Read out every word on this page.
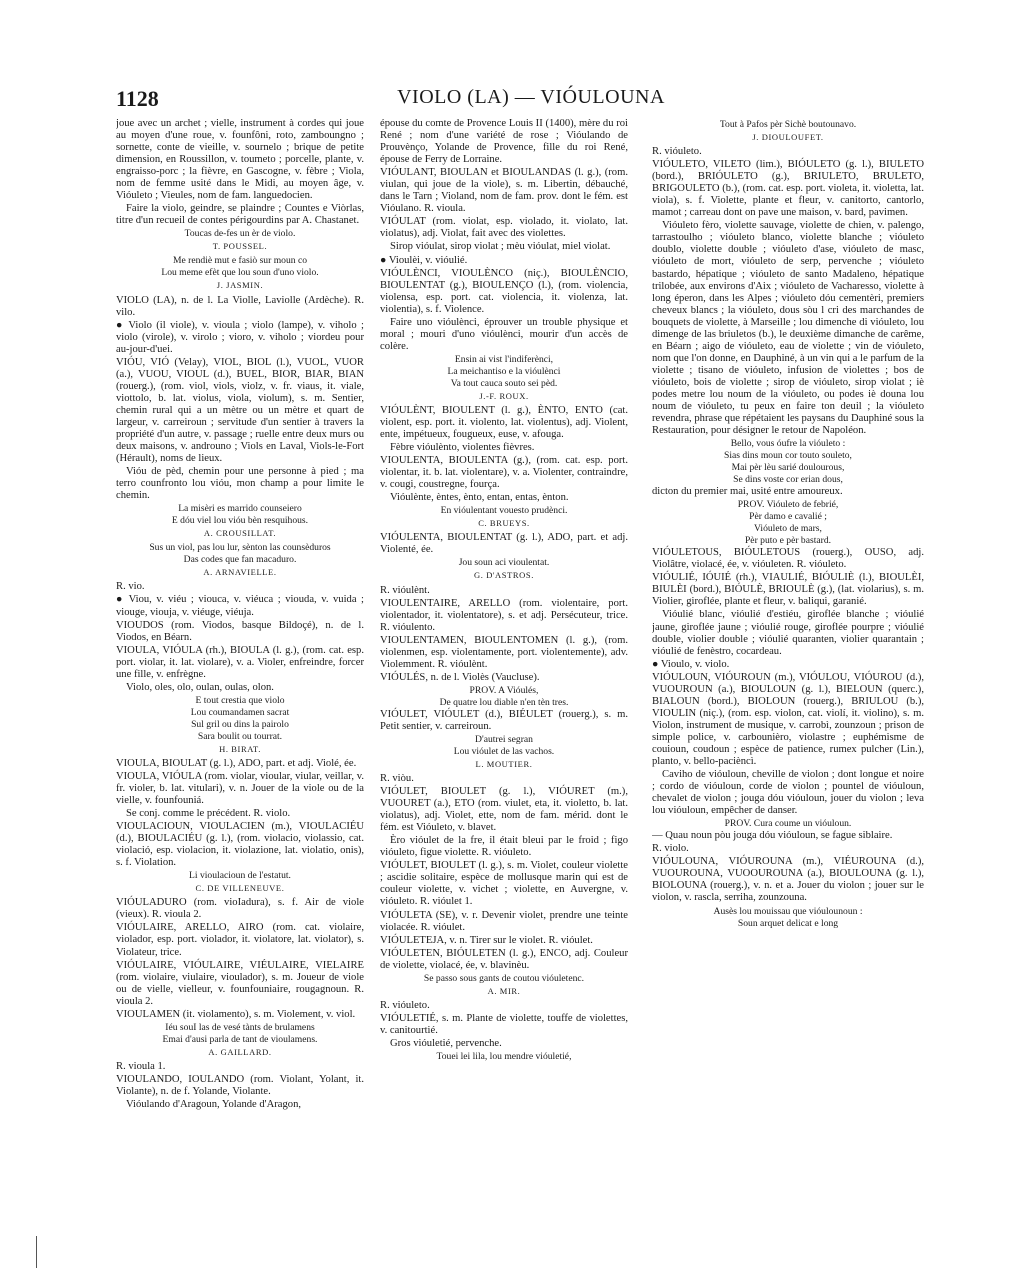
1128	VIOLO (LA) — VIÓULOUNA

joue avec un archet ; vielle, instrument à cordes qui joue au moyen d'une roue, v. founfôni, roto, zamboungno ; sornette, conte de vieille, v. sournelo ; brique de petite dimension, en Roussillon, v. toumeto ; porcelle, plante, v. engraisso-porc ; la fièvre, en Gascogne, v. fèbre ; Viola, nom de femme usité dans le Midi, au moyen âge, v. Vióuleto ; Vieules, nom de fam. languedocien.

Faire la violo, geindre, se plaindre ; Countes e Viòrlas, titre d'un recueil de contes périgourdins par A. Chastanet.

Toucas de-fes un èr de violo.
T. POUSSEL.
Me rendiè mut e fasiò sur moun co
Lou meme efèt que lou soun d'uno violo.
J. JASMIN.

VIOLO (LA), n. de l. La Violle, Laviolle (Ardèche). R. vilo.

● Violo (il viole), v. vioula ; violo (lampe), v. viholo ; violo (virole), v. virolo ; vioro, v. viholo ; viordeu pour au-jour-d'uei.

VIÓU, VIÓ (Velay), VIOL, BIOL (l.), VUOL, VUOR (a.), VUOU, VIOUL (d.), BUEL, BIOR, BIAR, BIAN (rouerg.), (rom. viol, viols, violz, v. fr. viaus, it. viale, viottolo, b. lat. violus, viola, violum), s. m. Sentier, chemin rural qui a un mètre ou un mètre et quart de largeur, v. carreiroun ; servitude d'un sentier à travers la propriété d'un autre, v. passage ; ruelle entre deux murs ou deux maisons, v. androuno ; Viols en Laval, Viols-le-Fort (Hérault), noms de lieux.

Vióu de pèd, chemin pour une personne à pied ; ma terro counfronto lou vióu, mon champ a pour limite le chemin.

La misèri es marrido counseiero
E dóu viel lou vióu bèn resquihous.
A. CROUSILLAT.
Sus un viol, pas lou lur, sènton las counsèduros
Das codes que fan macaduro.
A. ARNAVIELLE.

R. vio.

● Viou, v. viéu ; viouca, v. viéuca ; viouda, v. vuida ; viouge, viouja, v. viéuge, viéuja.

VIOUDOS (rom. Viodos, basque Bildoçé), n. de l. Viodos, en Béarn.

VIOULA, VIÓULA (rh.), BIOULA (l. g.), (rom. cat. esp. port. violar, it. lat. violare), v. a. Violer, enfreindre, forcer une fille, v. enfrègne.

Violo, oles, olo, oulan, oulas, olon.

E tout crestia que violo
Lou coumandamen sacrat
Sul gril ou dins la pairolo
Sara boulit ou tourrat.
H. BIRAT.

VIOULA, BIOULAT (g. l.), ADO, part. et adj. Violé, ée.

VIOULA, VIÓULA (rom. violar, vioular, viular, veillar, v. fr. violer, b. lat. vitulari), v. n. Jouer de la viole ou de la vielle, v. founfouniá.

Se conj. comme le précédent. R. violo.

VIOULACIOUN, VIOULACIEN (m.), VIOULACIÉU (d.), BIOULACIÉU (g. l.), (rom. violacio, violassio, cat. violació, esp. violacion, it. violazione, lat. violatio, onis), s. f. Violation.

Li vioulacioun de l'estatut.
C. DE VILLENEUVE.

VIÓULADURO (rom. vioIadura), s. f. Air de viole (vieux). R. vioula 2.

VIÓULAIRE, ARELLO, AIRO (rom. cat. violaire, violador, esp. port. violador, it. violatore, lat. violator), s. Violateur, trice.

VIÓULAIRE, VIÓULAIRE, VIÉULAIRE, VIELAIRE (rom. violaire, viulaire, vioulador), s. m. Joueur de viole ou de vielle, vielleur, v. founfouniaire, rougagnoun. R. vioula 2.

VIOULAMEN (it. violamento), s. m. Violement, v. viol.

Iéu souI las de vesé tànts de brulamens
Emai d'ausi parla de tant de vioulamens.
A. GAILLARD.

R. vioula 1.

VIOULANDO, IOULANDO (rom. Violant, Yolant, it. Violante), n. de f. Yolande, Violante.

Vióulando d'Aragoun, Yolande d'Aragon,

épouse du comte de Provence Louis II (1400), mère du roi René ; nom d'une variété de rose ; Vióulando de Prouvènço, Yolande de Provence, fille du roi René, épouse de Ferry de Lorraine.

VIÓULANT, BIOULAN et BIOULANDAS (l. g.), (rom. viulan, qui joue de la viole), s. m. Libertin, débauché, dans le Tarn ; Violand, nom de fam. prov. dont le fém. est Vióulano. R. vioula.

VIÓULAT (rom. violat, esp. violado, it. violato, lat. violatus), adj. Violat, fait avec des violettes.

Sirop vióulat, sirop violat ; mèu vióulat, miel violat.

● Vioulèi, v. vióulié.

VIÓULÈNCI, VIOULÈNCO (niç.), BIOULÈNCIO, BIOULENTAT (g.), BIOULENÇO (l.), (rom. violencia, violensa, esp. port. cat. violencia, it. violenza, lat. violentia), s. f. Violence.

Faire uno vióulènci, éprouver un trouble physique et moral ; mouri d'uno vióulènci, mourir d'un accès de colère.

Ensin ai vist l'indiferènci,
La meichantiso e la vióulènci
Va tout cauca souto sei pèd.
J.-F. ROUX.

VIÓULÈNT, BIOULENT (l. g.), ÈNTO, ENTO (cat. violent, esp. port. it. violento, lat. violentus), adj. Violent, ente, impétueux, fougueux, euse, v. afouga.

Fèbre vióulènto, violentes fièvres.

VIOULENTA, BIOULENTA (g.), (rom. cat. esp. port. violentar, it. b. lat. violentare), v. a. Violenter, contraindre, v. cougi, coustregne, fourça.

Vióulènte, èntes, ènto, entan, entas, ènton.

En vióulentant vouesto prudènci.
C. BRUEYS.

VIÓULENTA, BIOULENTAT (g. l.), ADO, part. et adj. Violenté, ée.

Jou soun aci vioulentat.
G. D'ASTROS.

R. vióulènt.

VIOULENTAIRE, ARELLO (rom. violentaire, port. violentador, it. violentatore), s. et adj. Persécuteur, trice. R. vióulento.

VIOULENTAMEN, BIOULENTOMEN (l. g.), (rom. violenmen, esp. violentamente, port. violentemente), adv. Violemment. R. vióulènt.

VIÓULÉS, n. de l. Violès (Vaucluse).

PROV. A Vióulés,
De quatre lou diable n'en tèn tres.

VIÓULET, VIÓULET (d.), BIÉULET (rouerg.), s. m. Petit sentier, v. carreiroun.

D'autrei segran
Lou vióulet de las vachos.
L. MOUTIER.

R. viòu.

VIÓULET, BIOULET (g. l.), VIÓURET (m.), VUOURET (a.), ETO (rom. viulet, eta, it. violetto, b. lat. violatus), adj. Violet, ette, nom de fam. mérid. dont le fém. est Vióuleto, v. blavet.

Èro vióulet de la fre, il était bleui par le froid ; figo vióuleto, figue violette. R. vióuleto.

VIÓULET, BIOULET (l. g.), s. m. Violet, couleur violette ; ascidie solitaire, espèce de mollusque marin qui est de couleur violette, v. vichet ; violette, en Auvergne, v. vióuleto. R. vióulet 1.

VIÓULETA (SE), v. r. Devenir violet, prendre une teinte violacée. R. vióulet.

VIÓULETEJA, v. n. Tirer sur le violet. R. vióulet.

VIÓULETEN, BIÓULETEN (l. g.), ENCO, adj. Couleur de violette, violacé, ée, v. blavinèu.

Se passo sous gants de coutou vióuletenc.
A. MIR.

R. vióuleto.

VIÓULETIÉ, s. m. Plante de violette, touffe de violettes, v. canitourtié.

Gros vióuletié, pervenche.

Touei lei lila, lou mendre vióuletié,
Tout à Pafos pèr Sichè boutounavo.
J. DIOULOUFET.

R. vióuleto.

VIÓULETO, VILETO (lim.), BIÓULETO (g. l.), BIULETO (bord.), BRIÓULETO (g.), BRIULETO, BRULETO, BRIGOULETO (b.), (rom. cat. esp. port. violeta, it. violetta, lat. viola), s. f. Violette, plante et fleur, v. canitorto, cantorlo, mamot ; carreau dont on pave une maison, v. bard, pavimen.

Vióuleto fèro, violette sauvage, violette de chien, v. palengo, tarrastoulho ; vióuleto blanco, violette blanche ; vióuleto doublo, violette double ; vióuleto d'ase, vióuleto de masc, vióuleto de mort, vióuleto de serp, pervenche ; vióuleto bastardo, hépatique ; vióuleto de santo Madaleno, hépatique trilobée, aux environs d'Aix ; vióuleto de Vacharesso, violette à long éperon, dans les Alpes ; vióuleto dóu cementèri, premiers cheveux blancs ; la vióuleto, dous sòu l cri des marchandes de bouquets de violette, à Marseille ; lou dimenche di vióuleto, lou dimenge de las briuletos (b.), le deuxième dimanche de carême, en Béarn ; aigo de vióuleto, eau de violette ; vin de vióuleto, nom que l'on donne, en Dauphiné, à un vin qui a le parfum de la violette ; tisano de vióuleto, infusion de violettes ; bos de vióuleto, bois de violette ; sirop de vióuleto, sirop violat ; iè podes metre lou noum de la vióuleto, ou podes iè douna lou noum de vióuleto, tu peux en faire ton deuil ; la vióuleto revendra, phrase que répétaient les paysans du Dauphiné sous la Restauration, pour désigner le retour de Napoléon.

Bello, vous óufre la vióuleto :
Sias dins moun cor touto souleto,
Mai pèr lèu sarié doulourous,
Se dins voste cor erian dous,

dicton du premier mai, usité entre amoureux.

PROV. Vióuleto de febrié,
Pèr damo e cavalié ;
Vióuleto de mars,
Pèr puto e pèr bastard.

VIÓULETOUS, BIÓULETOUS (rouerg.), OUSO, adj. Violâtre, violacé, ée, v. vióuleten. R. vióuleto.

VIÓULIÉ, IÓUIÉ (rh.), VIAULIÉ, BIÓULIÈ (l.), BIOULÈI, BIULÈI (bord.), BIÓULÈ, BRIOULÈ (g.), (lat. violarius), s. m. Violier, giroflée, plante et fleur, v. baliqui, garanié.

Vióulié blanc, vióulié d'estiéu, giroflée blanche ; vióulié jaune, giroflée jaune ; vióulié rouge, giroflée pourpre ; vióulié double, violier double ; vióulié quaranten, violier quarantain ; vióulié de fenèstro, cocardeau.

● Vioulo, v. violo.

VIÓULOUN, VIÓUROUN (m.), VIÓULOU, VIÓUROU (d.), VUOUROUN (a.), BIOULOUN (g. l.), BIELOUN (querc.), BIALOUN (bord.), BIOLOUN (rouerg.), BRIULOU (b.), VIOULIN (niç.), (rom. esp. violon, cat. violí, it. violino), s. m. Violon, instrument de musique, v. carrobì, zounzoun ; prison de simple police, v. carbounièro, violastre ; euphémisme de couioun, coudoun ; espèce de patience, rumex pulcher (Lin.), planto, v. bello-pacièncì.

Caviho de vióuloun, cheville de violon ; dont longue et noire ; cordo de vióuloun, corde de violon ; pountel de vióuloun, chevalet de violon ; jouga dóu vióuloun, jouer du violon ; leva lou vióuloun, empêcher de danser.

PROV. Cura coume un vióuloun.

— Quau noun pòu jouga dóu vióuloun, se fague siblaire.

R. violo.

VIÓULOUNA, VIÓUROUNA (m.), VIÉUROUNA (d.), VUOUROUNA, VUOOUROUNA (a.), BIOULOUNA (g. l.), BIOLOUNA (rouerg.), v. n. et a. Jouer du violon ; jouer sur le violon, v. rascla, serriha, zounzouna.

Ausès lou mouissau que vióulounoun :
Soun arquet delicat e long
